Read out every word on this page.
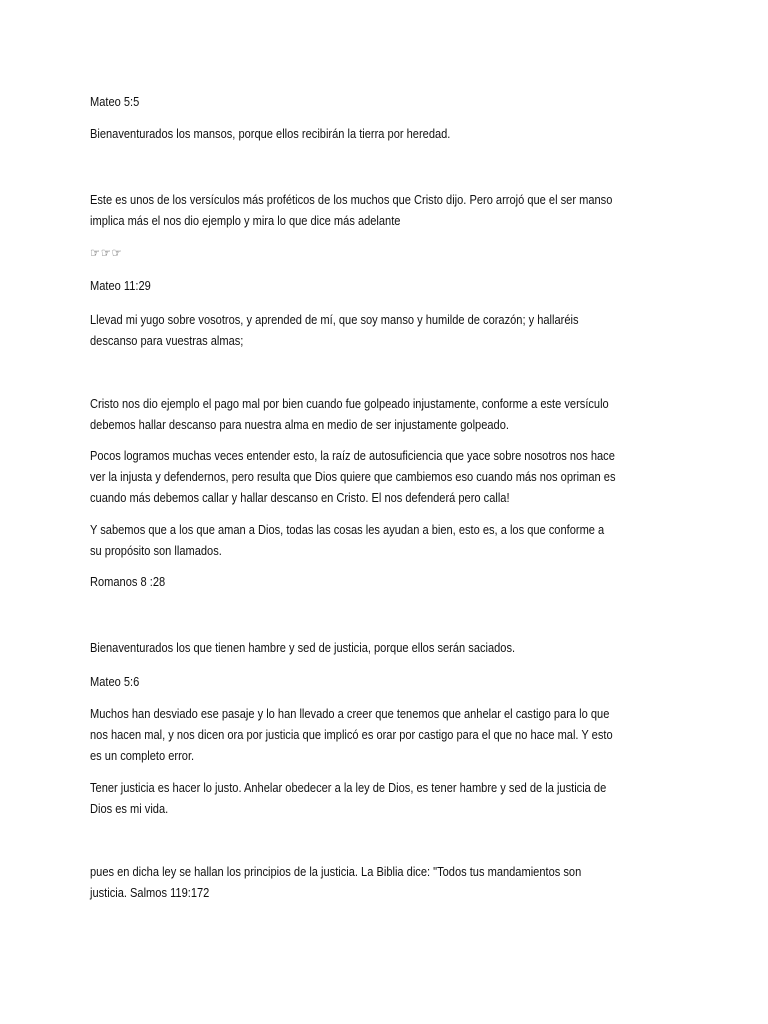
Mateo 5:5

Bienaventurados los mansos, porque ellos recibirán la tierra por heredad.

Este es unos de los versículos más proféticos de los muchos que Cristo dijo. Pero arrojó que el ser manso implica más el nos dio ejemplo y mira lo que dice más adelante

☞☞☞

Mateo 11:29

Llevad mi yugo sobre vosotros, y aprended de mí, que soy manso y humilde de corazón; y hallaréis descanso para vuestras almas;

Cristo nos dio ejemplo el pago mal por bien cuando fue golpeado injustamente, conforme a este versículo debemos hallar descanso para nuestra alma en medio de ser injustamente golpeado.

Pocos logramos muchas veces entender esto, la raíz de autosuficiencia que yace sobre nosotros nos hace ver la injusta y defendernos, pero resulta que Dios quiere que cambiemos eso cuando más nos opriman es cuando más debemos callar y hallar descanso en Cristo. El nos defenderá pero calla!

Y sabemos que a los que aman a Dios, todas las cosas les ayudan a bien, esto es, a los que conforme a su propósito son llamados.

Romanos 8 :28

Bienaventurados los que tienen hambre y sed de justicia, porque ellos serán saciados.

Mateo 5:6

Muchos han desviado ese pasaje y lo han llevado a creer que tenemos que anhelar el castigo para lo que nos hacen mal, y nos dicen ora por justicia que implicó es orar por castigo para el que no hace mal. Y esto es un completo error.

Tener justicia es hacer lo justo. Anhelar obedecer a la ley de Dios, es tener hambre y sed de la justicia de Dios es mi vida.

pues en dicha ley se hallan los principios de la justicia. La Biblia dice: "Todos tus mandamientos son justicia. Salmos 119:172
